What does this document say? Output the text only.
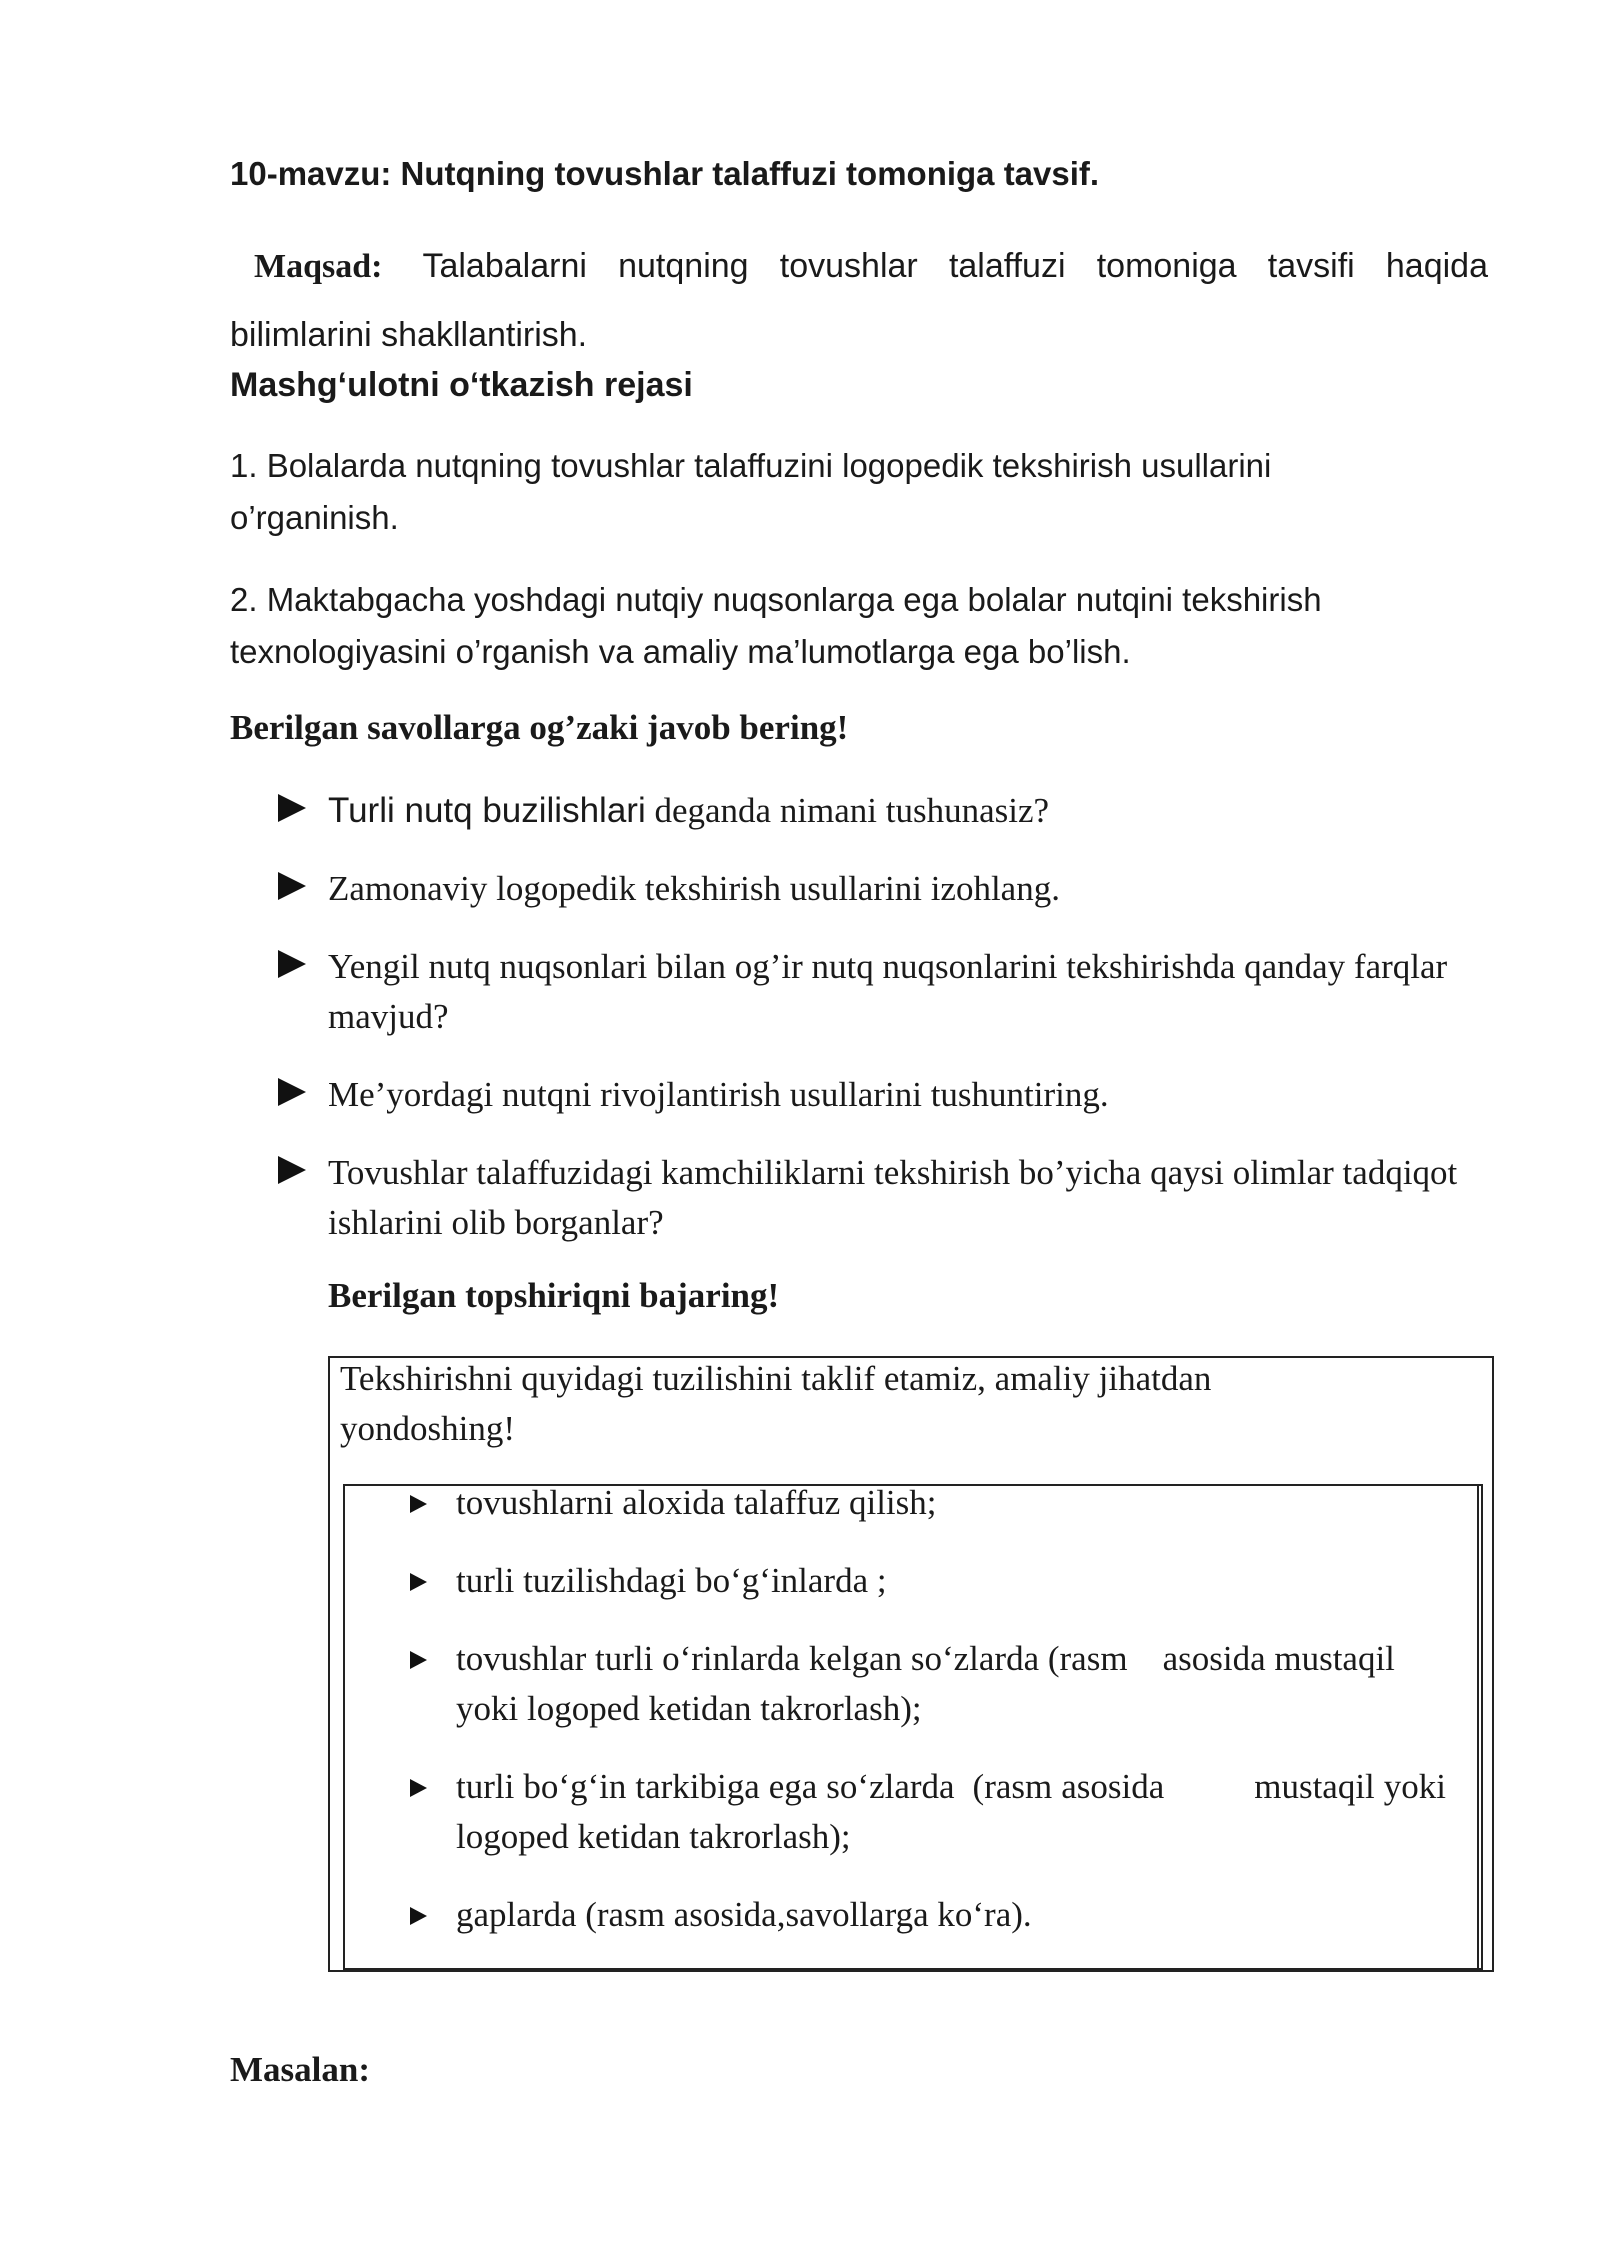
10-mavzu: Nutqning tovushlar talaffuzi tomoniga tavsif.
Maqsad: Talabalarni nutqning tovushlar talaffuzi tomoniga tavsifi haqida bilimlarini shakllantirish.
Mashg‘ulotni o‘tkazish rejasi
1. Bolalarda nutqning tovushlar talaffuzini logopedik tekshirish usullarini o’rganinish.
2. Maktabgacha yoshdagi nutqiy nuqsonlarga ega bolalar nutqini tekshirish texnologiyasini o’rganish va amaliy ma’lumotlarga ega bo’lish.
Berilgan savollarga og’zaki javob bering!
Turli nutq buzilishlari deganda nimani tushunasiz?
Zamonaviy logopedik tekshirish usullarini izohlang.
Yengil nutq nuqsonlari bilan og’ir nutq nuqsonlarini tekshirishda qanday farqlar mavjud?
Me’yordagi nutqni rivojlantirish usullarini tushuntiring.
Tovushlar talaffuzidagi kamchiliklarni tekshirish bo’yicha qaysi olimlar tadqiqot ishlarini olib borganlar?
Berilgan topshiriqni bajaring!
Tekshirishni quyidagi tuzilishini taklif etamiz, amaliy jihatdan yondoshing!
tovushlarni aloxida talaffuz qilish;
turli tuzilishdagi bo‘g‘inlarda ;
tovushlar turli o‘rinlarda kelgan so‘zlarda (rasm    asosida mustaqil yoki logoped ketidan takrorlash);
turli bo‘g‘in tarkibiga ega so‘zlarda  (rasm asosida          mustaqil yoki logoped ketidan takrorlash);
gaplarda (rasm asosida,savollarga ko‘ra).
Masalan:
